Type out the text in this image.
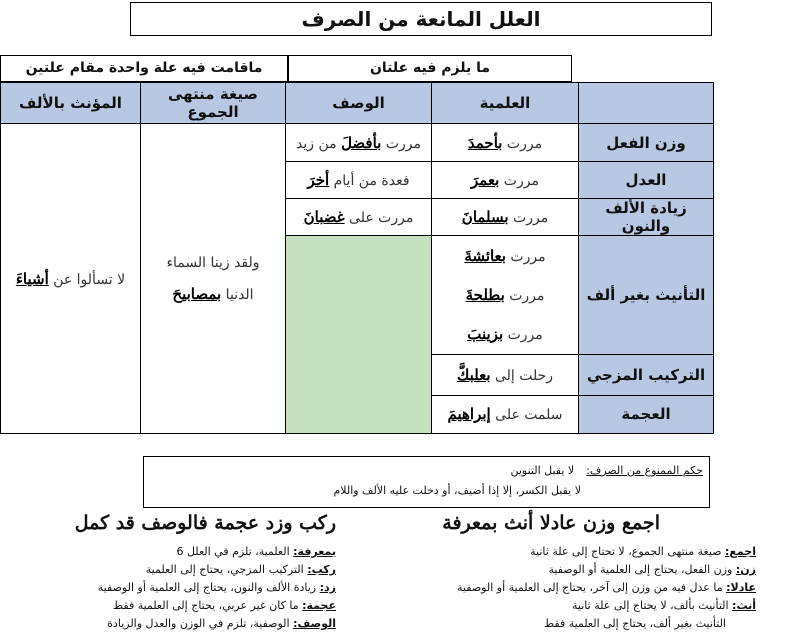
العلل المانعة من الصرف
ما يلزم فيه علتان
ماقامت فيه علة واحدة مقام علتين
	العلمية	الوصف	صيغة منتهى الجموع	المؤنث بالألف
وزن الفعل	مررت بأحمدَ	مررت بأفضلَ من زيد	ولقد زينا السماء
الدنيا بمصابيحَ	لا تسألوا عن أشياءَ
العدل	مررت بعمرَ	فعدة من أيام أخرَ		
زيادة الألف والنون	مررت بسلمانَ	مررت على غضبانَ		
التأنيث بغير ألف	مررت بعائشةَ
مررت بطلحةَ
مررت بزينبَ			

التركيب المزجي	رحلت إلى بعلبكَّ			
العجمة	سلمت على إبراهيمَ			
حكم الممنوع من الصرف:لا يقبل التنوين
لا يقبل الكسر، إلا إذا أضيف، أو دخلت عليه الألف واللام
اجمع وزن عادلا أنث بمعرفة
ركب وزد عجمة فالوصف قد كمل
اجمع: صيغة منتهى الجموع، لا تحتاج إلى علة ثانية
زن: وزن الفعل، يحتاج إلى العلمية أو الوصفية
عادلا: ما عدل فيه من وزن إلى آخر، يحتاج إلى العلمية أو الوصفية
أنث: التأنيث بألف، لا يحتاج إلى علة ثانية
التأنيث بغير ألف، يحتاج إلى العلمية فقط
بمعرفة: العلمية، تلزم في العلل 6
ركب: التركيب المزجي، يحتاج إلى العلمية
زد: زيادة الألف والنون، يحتاج إلى العلمية أو الوصفية
عجمة: ما كان غير عربي، يحتاج إلى العلمية فقط
الوصف: الوصفية، تلزم في الوزن والعدل والزيادة
